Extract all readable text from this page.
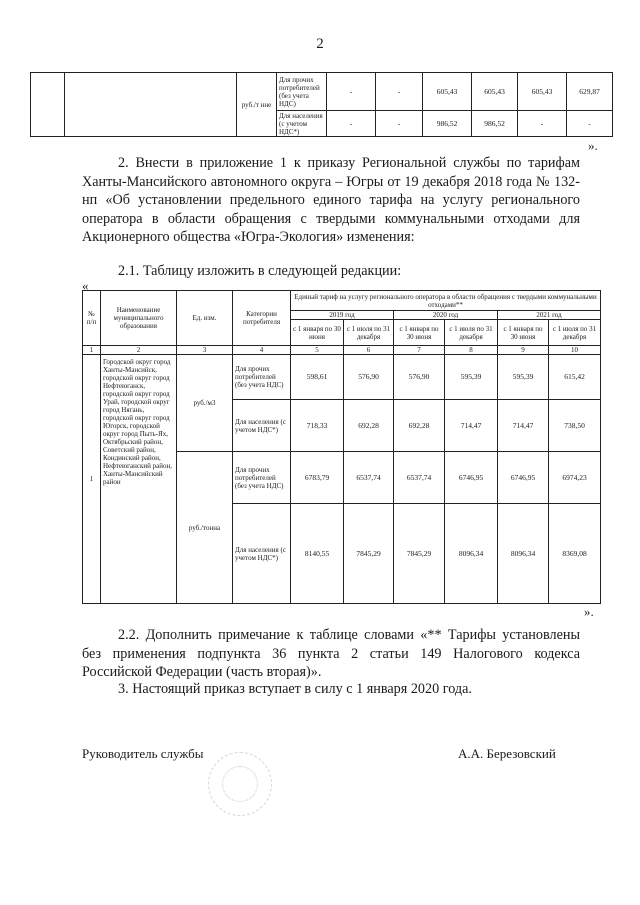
2
		руб./т нне	Для прочих потребителей (без учета НДС)	-	-	605,43	605,43	605,43	629,87
			Для населения (с учетом НДС*)	-	-	986,52	986,52	-	-
».
2. Внести в приложение 1 к приказу Региональной службы по тарифам Ханты-Мансийского автономного округа – Югры от 19 декабря 2018 года № 132-нп «Об установлении предельного единого тарифа на услугу регионального оператора в области обращения с твердыми коммунальными отходами для Акционерного общества «Югра-Экология» изменения:
2.1. Таблицу изложить в следующей редакции:
«
№ п/п	Наименование муниципального образования	Ед. изм.	Категории потребителя	Единый тариф на услугу регионального оператора в области обращения с твердыми коммунальными отходами**					
				2019 год		2020 год		2021 год	
				с 1 января по 30 июня	с 1 июля по 31 декабря	с 1 января по 30 июня	с 1 июля по 31 декабря	с 1 января по 30 июня	с 1 июля по 31 декабря
1	2	3	4	5	6	7	8	9	10
1	Городской округ город Ханты-Мансийск, городской округ город Нефтеюганск, городской округ город Урай, городской округ город Нягань, городской округ город Югорск, городской округ город Пыть-Ях, Октябрьский район, Советский район, Кондинский район, Нефтеюганский район, Ханты-Мансийский район	руб./м3	Для прочих потребителей (без учета НДС)	598,61	576,90	576,90	595,39	595,39	615,42
			Для населения (с учетом НДС*)	718,33	692,28	692,28	714,47	714,47	738,50
		руб./тонна	Для прочих потребителей (без учета НДС)	6783,79	6537,74	6537,74	6746,95	6746,95	6974,23
			Для населения (с учетом НДС*)	8140,55	7845,29	7845,29	8096,34	8096,34	8369,08
».
2.2. Дополнить примечание к таблице словами «** Тарифы установлены без применения подпункта 36 пункта 2 статьи 149 Налогового кодекса Российской Федерации (часть вторая)».
3. Настоящий приказ вступает в силу с 1 января 2020 года.
Руководитель службы	А.А. Березовский
